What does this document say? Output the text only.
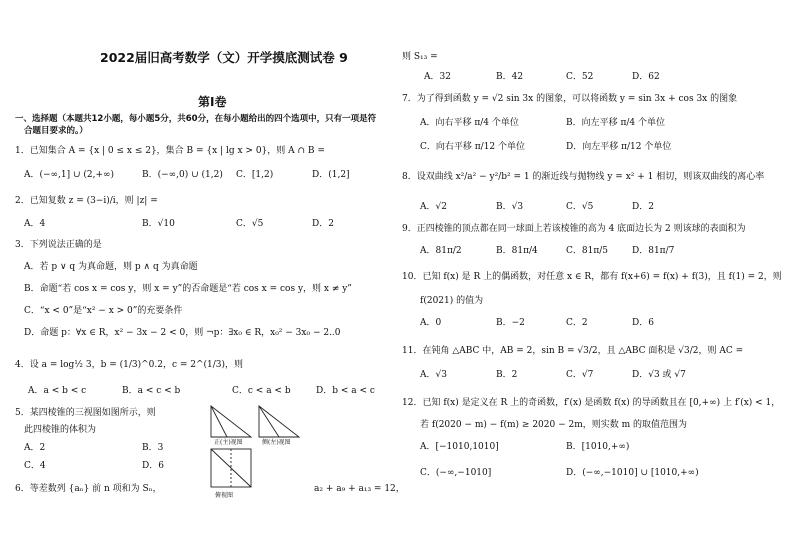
2022届旧高考数学（文）开学摸底测试卷 9
第Ⅰ卷
一、选择题（本题共12小题，每小题5分，共60分，在每小题给出的四个选项中，只有一项是符
合题目要求的。）
1．已知集合 A = {x | 0 ≤ x ≤ 2}，集合 B = {x | lg x > 0}，则 A ∩ B =
A．(−∞,1] ∪ (2,+∞)	B．(−∞,0) ∪ (1,2) C．[1,2)	D．(1,2]
2．已知复数 z = (3−i)/i，则 |z| =
A．4	B．√10	C．√5	D．2
3．下列说法正确的是
A．若 p ∨ q 为真命题，则 p ∧ q 为真命题
B．命题“若 cos x = cos y，则 x = y”的否命题是“若 cos x = cos y，则 x ≠ y”
C．“x < 0”是“x² − x > 0”的充要条件
D．命题 p：∀x ∈ R，x² − 3x − 2 < 0，则 ¬p：∃x₀ ∈ R，x₀² − 3x₀ − 2..0
4．设 a = log½ 3，b = (1/3)^0.2，c = 2^(1/3)，则
A．a < b < c	B．a < c < b	C．c < a < b	D．b < a < c
5．某四棱锥的三视图如图所示，则
此四棱锥的体积为
A．2	B．3
C．4	D．6
正(主)视图	侧(左)视图
俯视图
6．等差数列 {aₙ} 前 n 项和为 Sₙ，	a₂ + a₉ + a₁₃ = 12，
则 S₁₃ =
A．32	B．42	C．52	D．62
7．为了得到函数 y = √2 sin 3x 的图象，可以将函数 y = sin 3x + cos 3x 的图象
A．向右平移 π/4 个单位	B．向左平移 π/4 个单位
C．向右平移 π/12 个单位	D．向左平移 π/12 个单位
8．设双曲线 x²/a² − y²/b² = 1 的渐近线与抛物线 y = x² + 1 相切，则该双曲线的离心率
A．√2	B．√3	C．√5	D．2
9．正四棱锥的顶点都在同一球面上若该棱锥的高为 4 底面边长为 2 则该球的表面积为
A．81π/2	B．81π/4	C．81π/5	D．81π/7
10．已知 f(x) 是 R 上的偶函数，对任意 x ∈ R，都有 f(x+6) = f(x) + f(3)，且 f(1) = 2，则
f(2021) 的值为
A．0	B．−2	C．2	D．6
11．在钝角 △ABC 中，AB = 2，sin B = √3/2，且 △ABC 面积是 √3/2，则 AC =
A．√3	B．2	C．√7	D．√3 或 √7
12．已知 f(x) 是定义在 R 上的奇函数，f′(x) 是函数 f(x) 的导函数且在 [0,+∞) 上 f′(x) < 1，
若 f(2020 − m) − f(m) ≥ 2020 − 2m，则实数 m 的取值范围为
A．[−1010,1010]	B．[1010,+∞)
C．(−∞,−1010]	D．(−∞,−1010] ∪ [1010,+∞)
